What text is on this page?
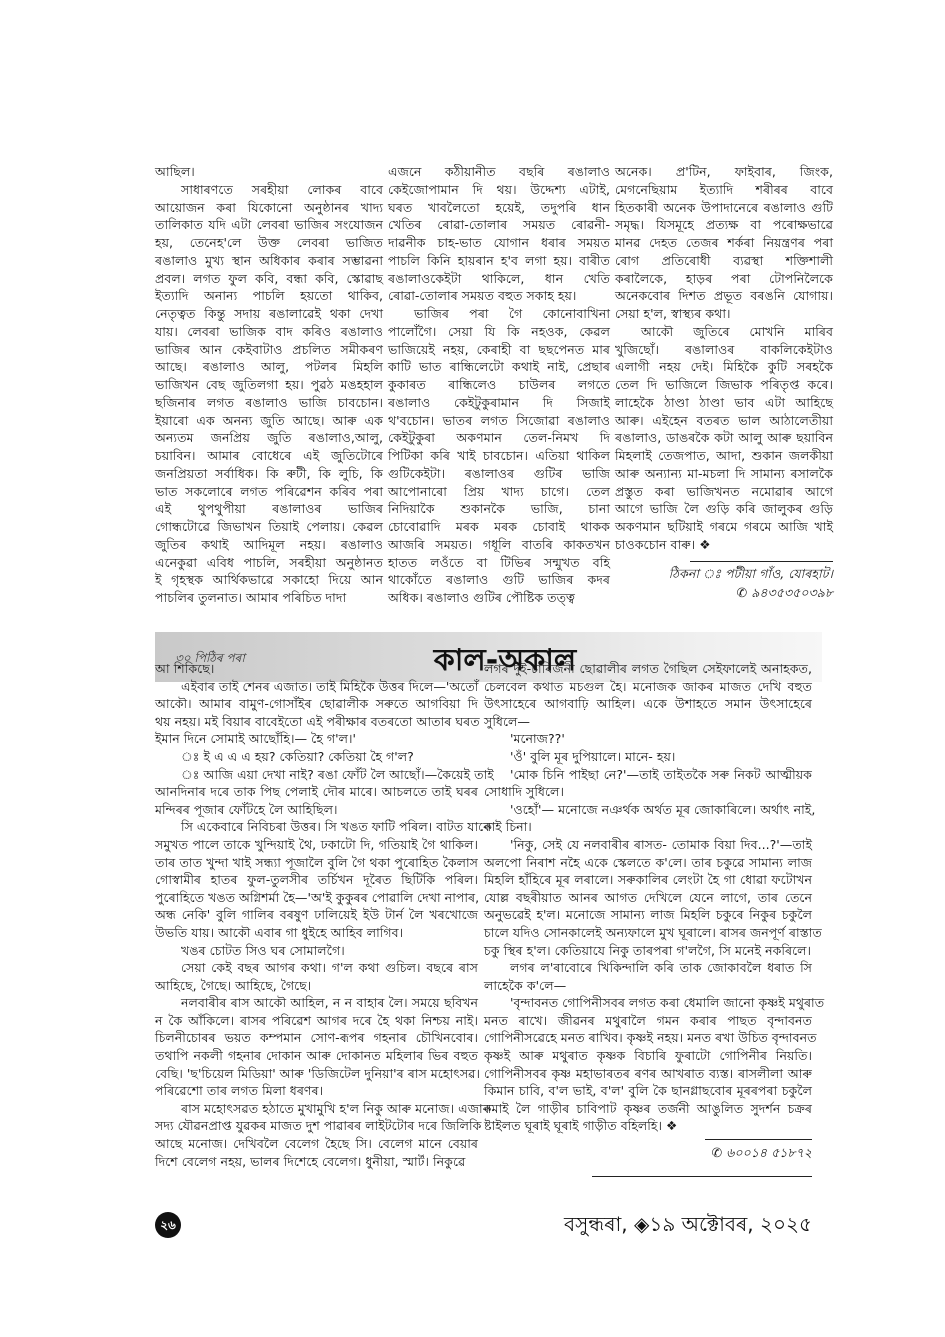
আছিল।
সাধাৰণতে সৰহীয়া লোকৰ বাবে
আয়োজন কৰা যিকোনো অনুষ্ঠানৰ খাদ্য
তালিকাত যদি এটা লেবৰা ভাজিৰ সংযোজন
হয়, তেনেহ'লে উক্ত লেবৰা ভাজিত
ৰঙালাও মুখ্য স্থান অধিকাৰ কৰাৰ সম্ভাৱনা
প্ৰবল। লগত ফুল কবি, বন্ধা কবি, স্কোৱাছ
ইত্যাদি অনান্য পাচলি হয়তো থাকিব,
নেতৃত্বত কিন্তু সদায় ৰঙালাৱেই থকা দেখা
যায়। লেবৰা ভাজিক বাদ কৰিও ৰঙালাও
ভাজিৰ আন কেইবাটাও প্ৰচলিত সমীকৰণ
আছে। ৰঙালাও আলু, পটলৰ মিহলি
ভাজিখন বেছ জুতিলগা হয়। পুৱঠ মঙহহাল
ছজিনাৰ লগত ৰঙালাও ভাজি চাবচোন।
ইয়াৰো এক অনন্য জুতি আছে। আৰু এক
অন্যতম জনপ্ৰিয় জুতি ৰঙালাও,আলু,
চয়াবিন। আমাৰ বোধেৰে এই জুতিটোৰে
জনপ্ৰিয়তা সৰ্বাধিক। কি ৰুটী, কি লুচি, কি
ভাত সকলোৰে লগত পৰিৱেশন কৰিব পৰা
এই থুপথুপীয়া ৰঙালাওৰ ভাজিৰ
গোন্ধটোৱে জিভাখন তিয়াই পেলায়। কেৱল
জুতিৰ কথাই আদিমূল নহয়। ৰঙালাও
এনেকুৱা এবিধ পাচলি, সৰহীয়া অনুষ্ঠানত
ই গৃহস্থক আৰ্থিকভাৱে সকাহো দিয়ে আন
পাচলিৰ তুলনাত। আমাৰ পৰিচিত দাদা
এজনে কঠীয়ানীত বছৰি ৰঙালাও
কেইজোপামান দি থয়। উদ্দেশ্য এটাই,
ঘৰত খাবলৈতো হয়েই, তদুপৰি ধান
খেতিৰ ৰোৱা-তোলাৰ সময়ত ৰোৱনী-
দাৱনীক চাহ-ভাত যোগান ধৰাৰ সময়ত
পাচলি কিনি হায়ৰান হ'ব লগা হয়। বাৰীত
ৰঙালাওকেইটা থাকিলে, ধান খেতি
ৰোৱা-তোলাৰ সময়ত বহুত সকাহ হয়।
ভাজিৰ পৰা গৈ কোনোবাখিনা
পালোঁগৈ। সেয়া যি কি নহওক, কেৱল
ভাজিয়েই নহয়, কেৰাহী বা ছছপেনত মাৰ
কাটি ভাত ৰান্ধিলেটো কথাই নাই, প্ৰেছাৰ
কুকাৰত ৰান্ধিলেও চাউলৰ লগতে
ৰঙালাও কেইটুকুৰামান দি সিজাই
থ'বচোন। ভাতৰ লগত সিজোৱা ৰঙালাও
কেইটুকুৰা অকণমান তেল-নিমখ দি
পিটিকা কৰি খাই চাবচোন। এতিয়া থাকিল
গুটিকেইটা। ৰঙালাওৰ গুটিৰ ভাজি
আপোনাৰো প্ৰিয় খাদ্য চাগে। তেল
নিদিয়াকৈ শুকানকৈ ভাজি, চানা
চোবোৱাদি মৰক মৰক চোবাই থাকক
আজৰি সময়ত। গধূলি বাতৰি কাকতখন
হাতত লওঁতে বা টিভিৰ সন্মুখত বহি
থাকোঁতে ৰঙালাও গুটি ভাজিৰ কদৰ
অধিক। ৰঙালাও গুটিৰ পৌষ্টিক তত্ত্ব
অনেক। প্ৰ'টিন, ফাইবাৰ, জিংক,
মেগনেছিয়াম ইত্যাদি শৰীৰৰ বাবে
হিতকাৰী অনেক উপাদানেৰে ৰঙালাও গুটি
সমৃদ্ধ। যিসমূহে প্ৰত্যক্ষ বা পৰোক্ষভাৱে
মানৱ দেহত তেজৰ শৰ্কৰা নিয়ন্ত্ৰণৰ পৰা
ৰোগ প্ৰতিৰোধী ব্যৱস্থা শক্তিশালী
কৰালৈকে, হাড়ৰ পৰা টোপনিলৈকে
অনেকবোৰ দিশত প্ৰভূত বৰঙনি যোগায়।
সেয়া হ'ল, স্বাস্থ্যৰ কথা।
আকৌ জুতিৰে মোখনি মাৰিব
খুজিছোঁ। ৰঙালাওৰ বাকলিকেইটাও
এলাগী নহয় দেই। মিহিকৈ কুটি সৰহকৈ
তেল দি ভাজিলে জিভাক পৰিতৃপ্ত কৰে।
লাহেকৈ ঠাণ্ডা ঠাণ্ডা ভাব এটা আহিছে
আৰু। এইহেন বতৰত ভাল আঠালেতীয়া
ৰঙালাও, ডাঙৰকৈ কটা আলু আৰু ছয়াবিন
মিহলাই তেজপাত, আদা, শুকান জলকীয়া
আৰু অন্যান্য মা-মচলা দি সামান্য ৰসালকৈ
প্ৰস্তুত কৰা ভাজিখনত নমোৱাৰ আগে
আগে ভাজি লৈ গুড়ি কৰি জালুকৰ গুড়ি
অকণমান ছটিয়াই গৰমে গৰমে আজি খাই
চাওকচোন বাৰু। ❖
ঠিকনা ঃ পটীয়া গাঁও, যোৰহাট।
✆ ৯৪৩৫৩৫০৩৯৮
৩০ পিঠিৰ পৰা	কাল-অকাল
আ শিকিছে।
এইবাৰ তাই শেনৰ এজাত। তাই মিহিকৈ উত্তৰ দিলে—'অতোঁ
আকৌ। আমাৰ বামুণ-গোসাঁইৰ ছোৱালীক সৰুতে আগবিয়া দি
থয় নহয়। মই বিয়াৰ বাবেইতো এই পৰীক্ষাৰ বতৰতো আতাৰ ঘৰত
ইমান দিনে সোমাই আছোঁহি।— হৈ গ'ল।'
ঃ ই এ এ এ হয়? কেতিয়া? কেতিয়া হৈ গ'ল?
ঃ আজি এয়া দেখা নাই? ৰঙা ফোঁট লৈ আছোঁ।—কৈয়েই তাই
আনদিনাৰ দৰে তাক পিছ পেলাই দৌৰ মাৰে। আচলতে তাই ঘৰৰ
মন্দিৰৰ পূজাৰ ফোঁটহে লৈ আহিছিল।
সি একেবাৰে নিবিচৰা উত্তৰ। সি খঙত ফাটি পৰিল। বাটত যাকে
সমুখত পালে তাকে খুন্দিয়াই থৈ, ঢকাটো দি, গতিয়াই গৈ থাকিল।
তাৰ তাত খুন্দা খাই সন্ধ্যা পূজালৈ বুলি গৈ থকা পুৰোহিত কৈলাস
গোস্বামীৰ হাতৰ ফুল-তুলসীৰ তৰ্চিখন দূৰৈত ছিটিকি পৰিল।
পুৰোহিতে খঙত অগ্নিশৰ্মা হৈ—'অ'ই কুকুৰৰ পোৱালি দেখা নাপাৰ,
অন্ধ নেকি' বুলি গালিৰ বৰষুণ ঢালিয়েই ইউ টাৰ্ন লৈ খৰখোজে
উভতি যায়। আকৌ এবাৰ গা ধুইহে আহিব লাগিব।
খঙৰ চোটত সিও ঘৰ সোমালগৈ।
সেয়া কেই বছৰ আগৰ কথা। গ'ল কথা গুচিল। বছৰে ৰাস
আহিছে, গৈছে। আহিছে, গৈছে।
নলবাৰীৰ ৰাস আকৌ আহিল, ন ন বাহাৰ লৈ। সময়ে ছবিখন
ন কৈ আঁকিলে। ৰাসৰ পৰিৱেশ আগৰ দৰে হৈ থকা নিশ্চয় নাই।
চিলনীচোৰৰ ভয়ত কম্পমান সোণ-ৰূপৰ গহনাৰ চৌখিনবোৰ।
তথাপি নকলী গহনাৰ দোকান আৰু দোকানত মহিলাৰ ভিৰ বহুত
বেছি। 'ছ'চিয়েল মিডিয়া' আৰু 'ডিজিটেল দুনিয়া'ৰ ৰাস মহোৎসৱ।
পৰিৱেশো তাৰ লগত মিলা ধৰণৰ।
ৰাস মহোৎসৱত হঠাতে মুখামুখি হ'ল নিকু আৰু মনোজ। এজাক
সদ্য যৌৱনপ্ৰাপ্ত যুৱকৰ মাজত দুশ পাৱাৰৰ লাইটটোৰ দৰে জিলিকি
আছে মনোজ। দেখিবলৈ বেলেগ হৈছে সি। বেলেগ মানে বেয়াৰ
দিশে বেলেগ নহয়, ভালৰ দিশেহে বেলেগ। ধুনীয়া, স্মাৰ্ট। নিকুৱে
লগৰ দুই-চাৰিজনী ছোৱালীৰ লগত গৈছিল সেইফালেই অনাহকত,
চেলবেল কথাত মচগুল হৈ। মনোজক জাকৰ মাজত দেখি বহুত
উৎসাহেৰে আগবাঢ়ি আহিল। একে উশাহতে সমান উৎসাহেৰে
সুধিলে—
'মনোজ??'
'ওঁ' বুলি মূৰ দুপিয়ালে। মানে- হয়।
'মোক চিনি পাইছা নে?'—তাই তাইতকৈ সৰু নিকট আত্মীয়ক
সোধাদি সুধিলে।
'ওহোঁ'— মনোজে নঞৰ্থক অৰ্থত মূৰ জোকাৰিলে। অৰ্থাৎ নাই,
নাই চিনা।
'নিকু, সেই যে নলবাৰীৰ ৰাসত- তোমাক বিয়া দিব...?'—তাই
অলপো নিৰাশ নহৈ একে স্কেলতে ক'লে। তাৰ চকুৱে সামান্য লাজ
মিহলি হাঁহিৰে মূৰ লৰালে। সৰুকালিৰ লেংটা হৈ গা ধোৱা ফটোখন
যোল্ল বছৰীয়াত আনৰ আগত দেখিলে যেনে লাগে, তাৰ তেনে
অনুভৱেই হ'ল। মনোজে সামান্য লাজ মিহলি চকুৰে নিকুৰ চকুলৈ
চালে যদিও সোনকালেই অন্যফালে মুখ ঘূৰালে। ৰাসৰ জনপূৰ্ণ ৰাস্তাত
চকু স্থিৰ হ'ল। কেতিয়াযে নিকু তাৰপৰা গ'লগৈ, সি মনেই নকৰিলে।
লগৰ ল'ৰাবোৰে খিকিন্দালি কৰি তাক জোকাবলৈ ধৰাত সি
লাহেকৈ ক'লে—
'বৃন্দাবনত গোপিনীসবৰ লগত কৰা ধেমালি জানো কৃষ্ণই মথুৰাত
মনত ৰাখে। জীৱনৰ মথুৰালৈ গমন কৰাৰ পাছত বৃন্দাবনত
গোপিনীসৱেহে মনত ৰাখিব। কৃষ্ণই নহয়। মনত ৰখা উচিত বৃন্দাবনত
কৃষ্ণই আৰু মথুৰাত কৃষ্ণক বিচাৰি ফুৰাটো গোপিনীৰ নিয়তি।
গোপিনীসবৰ কৃষ্ণ মহাভাৰতৰ ৰণৰ আখৰাত ব্যস্ত। ৰাসলীলা আৰু
কিমান চাবি, ব'ল ভাই, ব'ল' বুলি কৈ ছানগ্লাছবোৰ মূৰৰপৰা চকুলৈ
নমাই লৈ গাড়ীৰ চাবিপাট কৃষ্ণৰ তৰ্জনী আঙুলিত সুদৰ্শন চক্ৰৰ
ষ্টাইলত ঘূৰাই ঘূৰাই গাড়ীত বহিলহি। ❖
✆ ৬০০১৪ ৫১৮৭২
২৬	বসুন্ধৰা, ◈১৯ অক্টোবৰ, ২০২৫
